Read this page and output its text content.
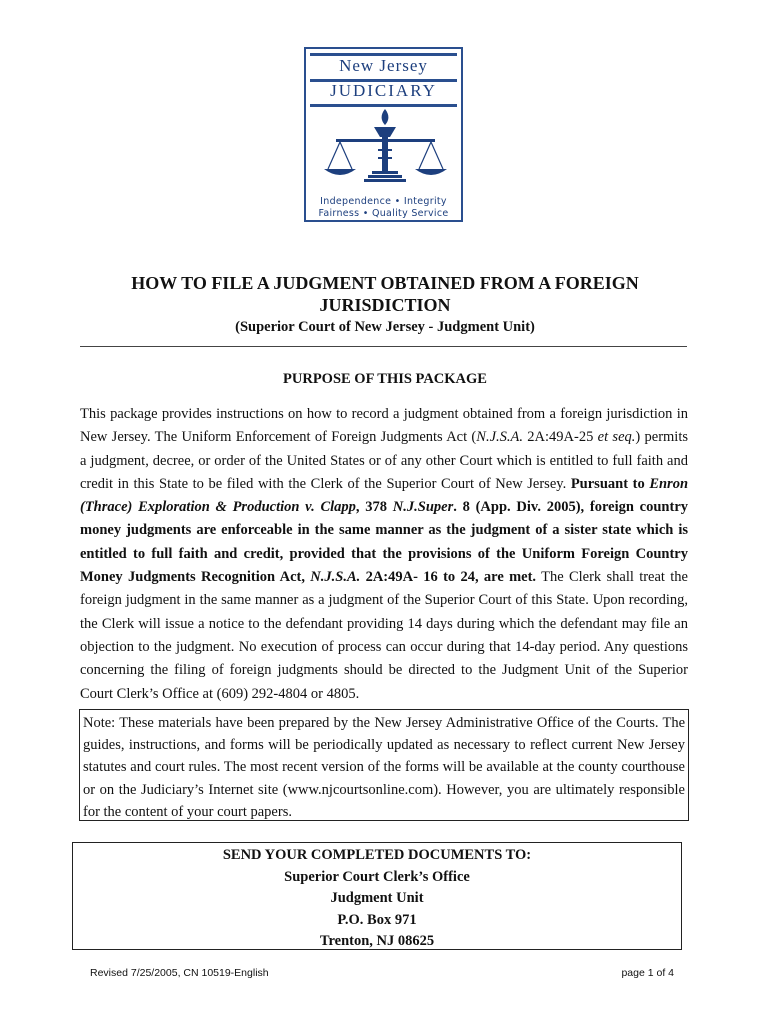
New Jersey
JUDICIARY
Independence • Integrity
Fairness • Quality Service
HOW TO FILE A JUDGMENT OBTAINED FROM A FOREIGN
JURISDICTION
(Superior Court of New Jersey - Judgment Unit)
PURPOSE OF THIS PACKAGE
This package provides instructions on how to record a judgment obtained from a foreign jurisdiction in New Jersey. The Uniform Enforcement of Foreign Judgments Act (N.J.S.A. 2A:49A-25 et seq.) permits a judgment, decree, or order of the United States or of any other Court which is entitled to full faith and credit in this State to be filed with the Clerk of the Superior Court of New Jersey. Pursuant to Enron (Thrace) Exploration & Production v. Clapp, 378 N.J.Super. 8 (App. Div. 2005), foreign country money judgments are enforceable in the same manner as the judgment of a sister state which is entitled to full faith and credit, provided that the provisions of the Uniform Foreign Country Money Judgments Recognition Act, N.J.S.A. 2A:49A- 16 to 24, are met. The Clerk shall treat the foreign judgment in the same manner as a judgment of the Superior Court of this State. Upon recording, the Clerk will issue a notice to the defendant providing 14 days during which the defendant may file an objection to the judgment. No execution of process can occur during that 14-day period. Any questions concerning the filing of foreign judgments should be directed to the Judgment Unit of the Superior Court Clerk’s Office at (609) 292-4804 or 4805.
Note: These materials have been prepared by the New Jersey Administrative Office of the Courts. The guides, instructions, and forms will be periodically updated as necessary to reflect current New Jersey statutes and court rules. The most recent version of the forms will be available at the county courthouse or on the Judiciary’s Internet site (www.njcourtsonline.com). However, you are ultimately responsible for the content of your court papers.
SEND YOUR COMPLETED DOCUMENTS TO:
Superior Court Clerk’s Office
Judgment Unit
P.O. Box 971
Trenton, NJ 08625
Revised 7/25/2005, CN 10519-English	page 1 of 4
